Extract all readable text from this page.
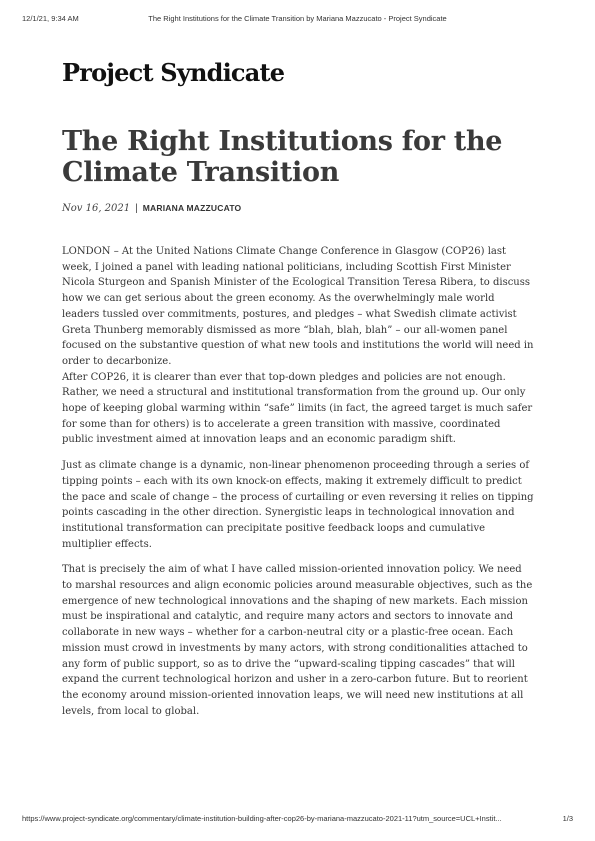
12/1/21, 9:34 AM	The Right Institutions for the Climate Transition by Mariana Mazzucato - Project Syndicate
Project Syndicate
The Right Institutions for the Climate Transition
Nov 16, 2021 | MARIANA MAZZUCATO

LONDON – At the United Nations Climate Change Conference in Glasgow (COP26) last week, I joined a panel with leading national politicians, including Scottish First Minister Nicola Sturgeon and Spanish Minister of the Ecological Transition Teresa Ribera, to discuss how we can get serious about the green economy. As the overwhelmingly male world leaders tussled over commitments, postures, and pledges – what Swedish climate activist Greta Thunberg memorably dismissed as more “blah, blah, blah” – our all-women panel focused on the substantive question of what new tools and institutions the world will need in order to decarbonize.

After COP26, it is clearer than ever that top-down pledges and policies are not enough. Rather, we need a structural and institutional transformation from the ground up. Our only hope of keeping global warming within “safe” limits (in fact, the agreed target is much safer for some than for others) is to accelerate a green transition with massive, coordinated public investment aimed at innovation leaps and an economic paradigm shift.

Just as climate change is a dynamic, non-linear phenomenon proceeding through a series of tipping points – each with its own knock-on effects, making it extremely difficult to predict the pace and scale of change – the process of curtailing or even reversing it relies on tipping points cascading in the other direction. Synergistic leaps in technological innovation and institutional transformation can precipitate positive feedback loops and cumulative multiplier effects.

That is precisely the aim of what I have called mission-oriented innovation policy. We need to marshal resources and align economic policies around measurable objectives, such as the emergence of new technological innovations and the shaping of new markets. Each mission must be inspirational and catalytic, and require many actors and sectors to innovate and collaborate in new ways – whether for a carbon-neutral city or a plastic-free ocean. Each mission must crowd in investments by many actors, with strong conditionalities attached to any form of public support, so as to drive the “upward-scaling tipping cascades” that will expand the current technological horizon and usher in a zero-carbon future. But to reorient the economy around mission-oriented innovation leaps, we will need new institutions at all levels, from local to global.

https://www.project-syndicate.org/commentary/climate-institution-building-after-cop26-by-mariana-mazzucato-2021-11?utm_source=UCL+Instit...	1/3
